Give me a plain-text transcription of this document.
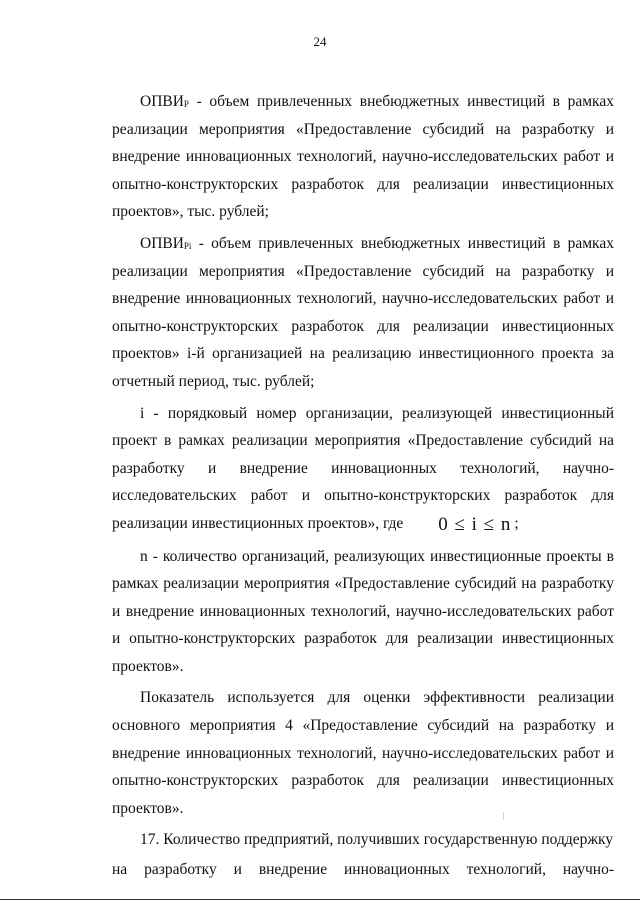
24

$ОПВИ_Р$ - объем привлеченных внебюджетных инвестиций в рамках реализации мероприятия «Предоставление субсидий на разработку и внедрение инновационных технологий, научно-исследовательских работ и опытно-конструкторских разработок для реализации инвестиционных проектов», тыс. рублей;

$ОПВИ_{Рi}$ - объем привлеченных внебюджетных инвестиций в рамках реализации мероприятия «Предоставление субсидий на разработку и внедрение инновационных технологий, научно-исследовательских работ и опытно-конструкторских разработок для реализации инвестиционных проектов» i-й организацией на реализацию инвестиционного проекта за отчетный период, тыс. рублей;

i - порядковый номер организации, реализующей инвестиционный проект в рамках реализации мероприятия «Предоставление субсидий на разработку и внедрение инновационных технологий, научно-исследовательских работ и опытно-конструкторских разработок для реализации инвестиционных проектов», где 0 ≤ i ≤ n ;

n - количество организаций, реализующих инвестиционные проекты в рамках реализации мероприятия «Предоставление субсидий на разработку и внедрение инновационных технологий, научно-исследовательских работ и опытно-конструкторских разработок для реализации инвестиционных проектов».

Показатель используется для оценки эффективности реализации основного мероприятия 4 «Предоставление субсидий на разработку и внедрение инновационных технологий, научно-исследовательских работ и опытно-конструкторских разработок для реализации инвестиционных проектов».

17. Количество предприятий, получивших государственную поддержку

на разработку и внедрение инновационных технологий, научно-
